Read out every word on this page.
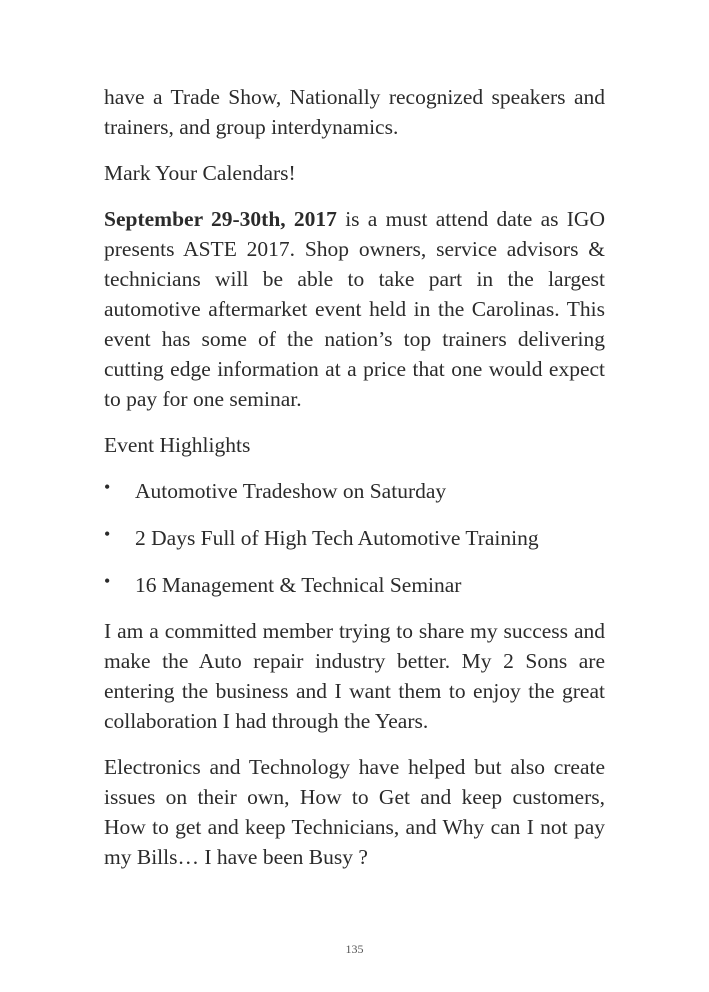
have a Trade Show, Nationally recognized speakers and trainers, and group interdynamics.

Mark Your Calendars!

September 29-30th, 2017 is a must attend date as IGO presents ASTE 2017. Shop owners, service advisors & technicians will be able to take part in the largest automotive aftermarket event held in the Carolinas. This event has some of the nation’s top trainers delivering cutting edge information at a price that one would expect to pay for one seminar.

Event Highlights

• Automotive Tradeshow on Saturday
• 2 Days Full of High Tech Automotive Training
• 16 Management & Technical Seminar

I am a committed member trying to share my success and make the Auto repair industry better. My 2 Sons are entering the business and I want them to enjoy the great collaboration I had through the Years.

Electronics and Technology have helped but also create issues on their own, How to Get and keep customers, How to get and keep Technicians, and Why can I not pay my Bills… I have been Busy ?

135
